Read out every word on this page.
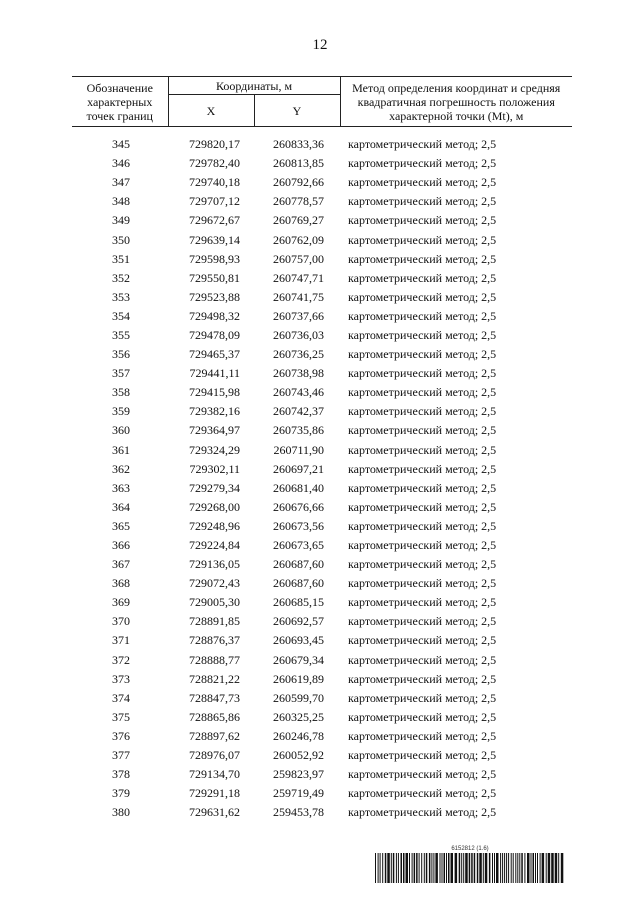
12
Обозначение характерных точек границ	Координаты, м		Метод определения координат и средняя квадратичная погрешность положения характерной точки (Mt), м
	X	Y	

345	729820,17	260833,36	картометрический метод; 2,5
346	729782,40	260813,85	картометрический метод; 2,5
347	729740,18	260792,66	картометрический метод; 2,5
348	729707,12	260778,57	картометрический метод; 2,5
349	729672,67	260769,27	картометрический метод; 2,5
350	729639,14	260762,09	картометрический метод; 2,5
351	729598,93	260757,00	картометрический метод; 2,5
352	729550,81	260747,71	картометрический метод; 2,5
353	729523,88	260741,75	картометрический метод; 2,5
354	729498,32	260737,66	картометрический метод; 2,5
355	729478,09	260736,03	картометрический метод; 2,5
356	729465,37	260736,25	картометрический метод; 2,5
357	729441,11	260738,98	картометрический метод; 2,5
358	729415,98	260743,46	картометрический метод; 2,5
359	729382,16	260742,37	картометрический метод; 2,5
360	729364,97	260735,86	картометрический метод; 2,5
361	729324,29	260711,90	картометрический метод; 2,5
362	729302,11	260697,21	картометрический метод; 2,5
363	729279,34	260681,40	картометрический метод; 2,5
364	729268,00	260676,66	картометрический метод; 2,5
365	729248,96	260673,56	картометрический метод; 2,5
366	729224,84	260673,65	картометрический метод; 2,5
367	729136,05	260687,60	картометрический метод; 2,5
368	729072,43	260687,60	картометрический метод; 2,5
369	729005,30	260685,15	картометрический метод; 2,5
370	728891,85	260692,57	картометрический метод; 2,5
371	728876,37	260693,45	картометрический метод; 2,5
372	728888,77	260679,34	картометрический метод; 2,5
373	728821,22	260619,89	картометрический метод; 2,5
374	728847,73	260599,70	картометрический метод; 2,5
375	728865,86	260325,25	картометрический метод; 2,5
376	728897,62	260246,78	картометрический метод; 2,5
377	728976,07	260052,92	картометрический метод; 2,5
378	729134,70	259823,97	картометрический метод; 2,5
379	729291,18	259719,49	картометрический метод; 2,5
380	729631,62	259453,78	картометрический метод; 2,5
6152812 (1.6)
